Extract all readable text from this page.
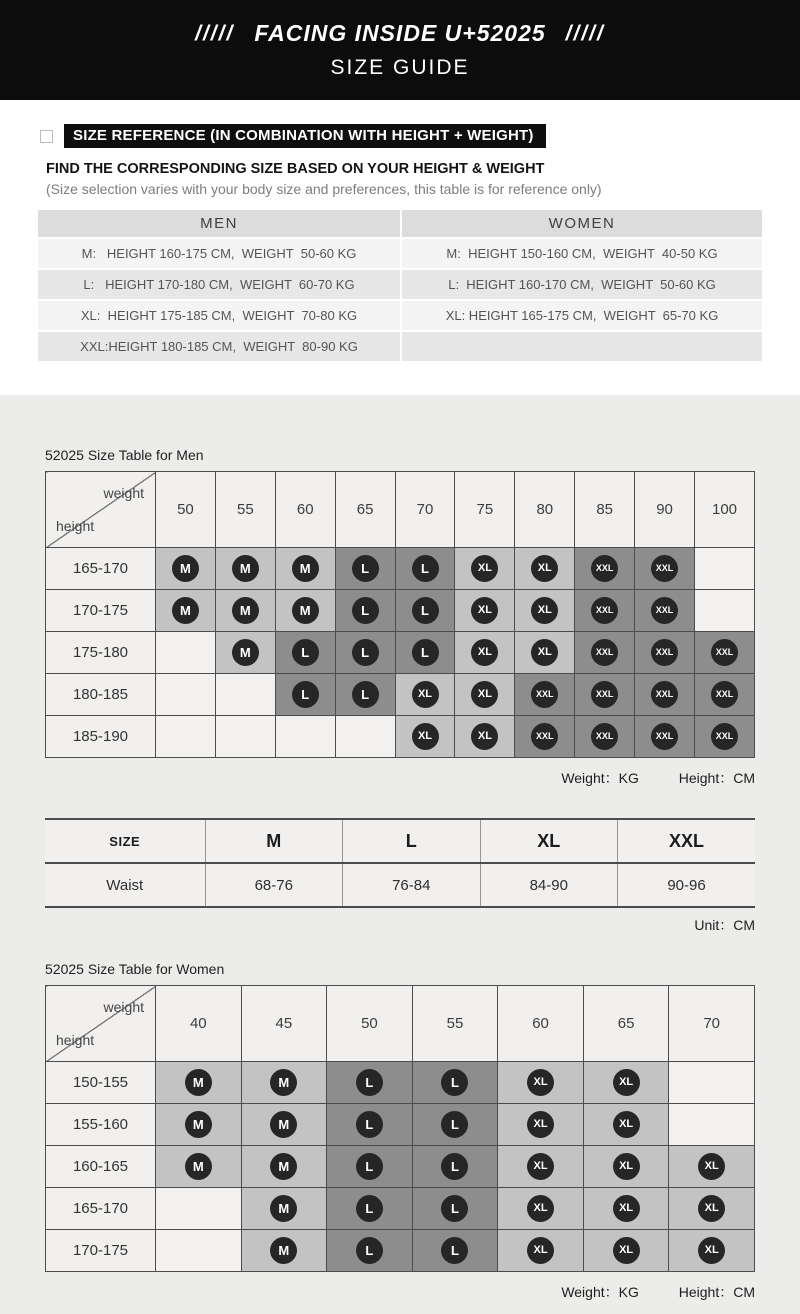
///// FACING INSIDE U+52025 /////
SIZE GUIDE
SIZE REFERENCE (IN COMBINATION WITH HEIGHT + WEIGHT)
FIND THE CORRESPONDING SIZE BASED ON YOUR HEIGHT & WEIGHT
(Size selection varies with your body size and preferences, this table is for reference only)
MEN	WOMEN
M:   HEIGHT 160-175 CM,  WEIGHT  50-60 KG	M:  HEIGHT 150-160 CM,  WEIGHT  40-50 KG
L:   HEIGHT 170-180 CM,  WEIGHT  60-70 KG	L:  HEIGHT 160-170 CM,  WEIGHT  50-60 KG
XL:  HEIGHT 175-185 CM,  WEIGHT  70-80 KG	XL: HEIGHT 165-175 CM,  WEIGHT  65-70 KG
XXL:HEIGHT 180-185 CM,  WEIGHT  80-90 KG
52025 Size Table for Men
weight
height	50	55	60	65	70	75	80	85	90	100
165-170	M	M	M	L	L	XL	XL	XXL	XXL	
170-175	M	M	M	L	L	XL	XL	XXL	XXL	
175-180		M	L	L	L	XL	XL	XXL	XXL	XXL
180-185			L	L	XL	XL	XXL	XXL	XXL	XXL
185-190					XL	XL	XXL	XXL	XXL	XXL
Weight：KG	Height：CM
SIZE	M	L	XL	XXL
Waist	68-76	76-84	84-90	90-96
Unit：CM
52025 Size Table for Women
weight
height	40	45	50	55	60	65	70
150-155	M	M	L	L	XL	XL	
155-160	M	M	L	L	XL	XL	
160-165	M	M	L	L	XL	XL	XL
165-170		M	L	L	XL	XL	XL
170-175		M	L	L	XL	XL	XL
Weight：KG	Height：CM
